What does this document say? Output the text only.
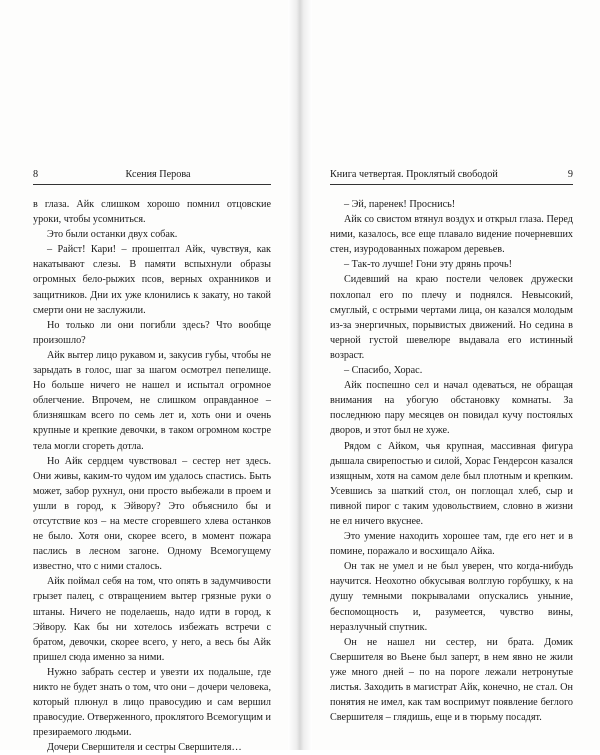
8	Ксения Перова

в глаза. Айк слишком хорошо помнил отцовские уроки, чтобы усомниться.

Это были останки двух собак.

– Райст! Кари! – прошептал Айк, чувствуя, как накатывают слезы. В памяти вспыхнули образы огромных бело-рыжих псов, верных охранников и защитников. Дни их уже клонились к закату, но такой смерти они не заслужили.

Но только ли они погибли здесь? Что вообще произошло?

Айк вытер лицо рукавом и, закусив губы, чтобы не зарыдать в голос, шаг за шагом осмотрел пепелище. Но больше ничего не нашел и испытал огромное облегчение. Впрочем, не слишком оправданное – близняшкам всего по семь лет и, хоть они и очень крупные и крепкие девочки, в таком огромном костре тела могли сгореть дотла.

Но Айк сердцем чувствовал – сестер нет здесь. Они живы, каким-то чудом им удалось спастись. Быть может, забор рухнул, они просто выбежали в проем и ушли в город, к Эйвору? Это объяснило бы и отсутствие коз – на месте сгоревшего хлева останков не было. Хотя они, скорее всего, в момент пожара паслись в лесном загоне. Одному Всемогущему известно, что с ними сталось.

Айк поймал себя на том, что опять в задумчивости грызет палец, с отвращением вытер грязные руки о штаны. Ничего не поделаешь, надо идти в город, к Эйвору. Как бы ни хотелось избежать встречи с братом, девочки, скорее всего, у него, а весь бы Айк пришел сюда именно за ними.

Нужно забрать сестер и увезти их подальше, где никто не будет знать о том, что они – дочери человека, который плюнул в лицо правосудию и сам вершил правосудие. Отверженного, проклятого Всемогущим и презираемого людьми.

Дочери Свершителя и сестры Свершителя…

Книга четвертая. Проклятый свободой	9

– Эй, паренек! Проснись!

Айк со свистом втянул воздух и открыл глаза. Перед ними, казалось, все еще плавало видение почерневших стен, изуродованных пожаром деревьев.

– Так-то лучше! Гони эту дрянь прочь!

Сидевший на краю постели человек дружески похлопал его по плечу и поднялся. Невысокий, смуглый, с острыми чертами лица, он казался молодым из-за энергичных, порывистых движений. Но седина в черной густой шевелюре выдавала его истинный возраст.

– Спасибо, Хорас.

Айк поспешно сел и начал одеваться, не обращая внимания на убогую обстановку комнаты. За последнюю пару месяцев он повидал кучу постоялых дворов, и этот был не хуже.

Рядом с Айком, чья крупная, массивная фигура дышала свирепостью и силой, Хорас Гендерсон казался изящным, хотя на самом деле был плотным и крепким. Усевшись за шаткий стол, он поглощал хлеб, сыр и пивной пирог с таким удовольствием, словно в жизни не ел ничего вкуснее.

Это умение находить хорошее там, где его нет и в помине, поражало и восхищало Айка.

Он так не умел и не был уверен, что когда-нибудь научится. Неохотно обкусывая волглую горбушку, к на душу темными покрывалами опускались уныние, беспомощность и, разумеется, чувство вины, неразлучный спутник.

Он не нашел ни сестер, ни брата. Домик Свершителя во Вьене был заперт, в нем явно не жили уже много дней – по на пороге лежали нетронутые листья. Заходить в магистрат Айк, конечно, не стал. Он понятия не имел, как там воспримут появление беглого Свершителя – глядишь, еще и в тюрьму посадят.
